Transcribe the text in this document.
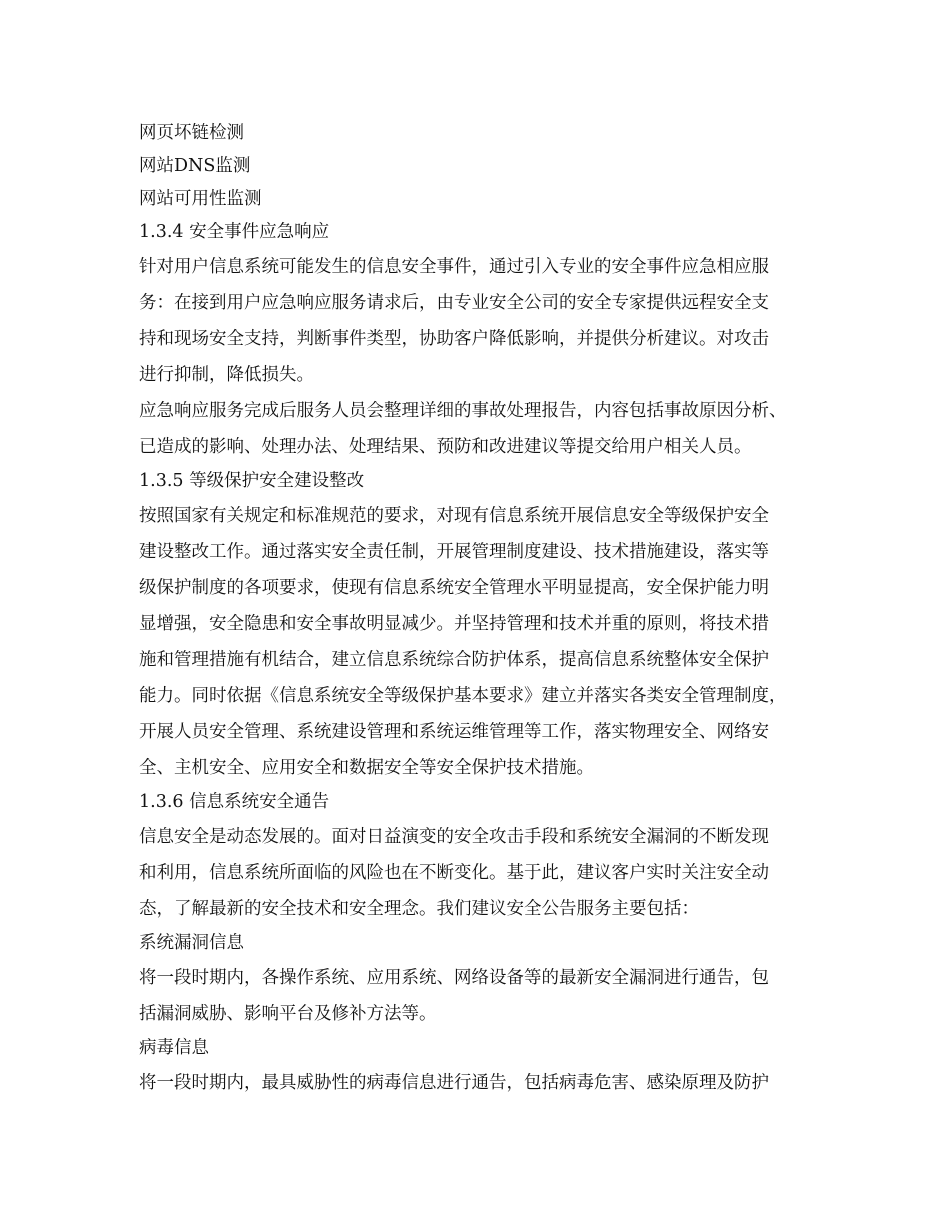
网页坏链检测
网站DNS监测
网站可用性监测
1.3.4 安全事件应急响应
针对用户信息系统可能发生的信息安全事件，通过引入专业的安全事件应急相应服
务：在接到用户应急响应服务请求后，由专业安全公司的安全专家提供远程安全支
持和现场安全支持，判断事件类型，协助客户降低影响，并提供分析建议。对攻击
进行抑制，降低损失。
应急响应服务完成后服务人员会整理详细的事故处理报告，内容包括事故原因分析、
已造成的影响、处理办法、处理结果、预防和改进建议等提交给用户相关人员。
1.3.5 等级保护安全建设整改
按照国家有关规定和标准规范的要求，对现有信息系统开展信息安全等级保护安全
建设整改工作。通过落实安全责任制，开展管理制度建设、技术措施建设，落实等
级保护制度的各项要求，使现有信息系统安全管理水平明显提高，安全保护能力明
显增强，安全隐患和安全事故明显减少。并坚持管理和技术并重的原则，将技术措
施和管理措施有机结合，建立信息系统综合防护体系，提高信息系统整体安全保护
能力。同时依据《信息系统安全等级保护基本要求》建立并落实各类安全管理制度，
开展人员安全管理、系统建设管理和系统运维管理等工作，落实物理安全、网络安
全、主机安全、应用安全和数据安全等安全保护技术措施。
1.3.6 信息系统安全通告
信息安全是动态发展的。面对日益演变的安全攻击手段和系统安全漏洞的不断发现
和利用，信息系统所面临的风险也在不断变化。基于此，建议客户实时关注安全动
态，了解最新的安全技术和安全理念。我们建议安全公告服务主要包括：
系统漏洞信息
将一段时期内，各操作系统、应用系统、网络设备等的最新安全漏洞进行通告，包
括漏洞威胁、影响平台及修补方法等。
病毒信息
将一段时期内，最具威胁性的病毒信息进行通告，包括病毒危害、感染原理及防护
